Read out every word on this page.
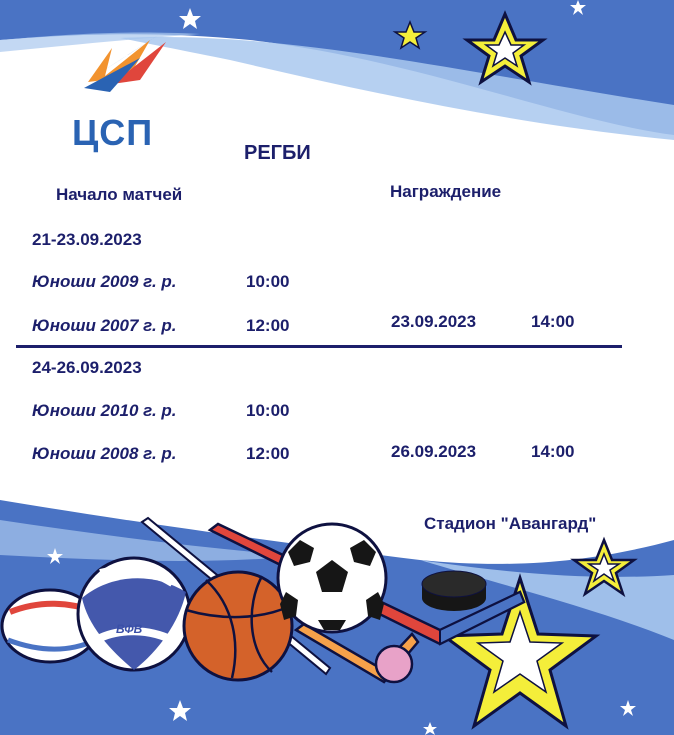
ЦСП	РЕГБИ
Начало матчей	Награждение
21-23.09.2023
Юноши 2009 г. р.	10:00
Юноши 2007 г. р.	12:00	23.09.2023	14:00
24-26.09.2023
Юноши 2010 г. р.	10:00
Юноши 2008 г. р.	12:00	26.09.2023	14:00
Стадион "Авангард"
ВФВ
